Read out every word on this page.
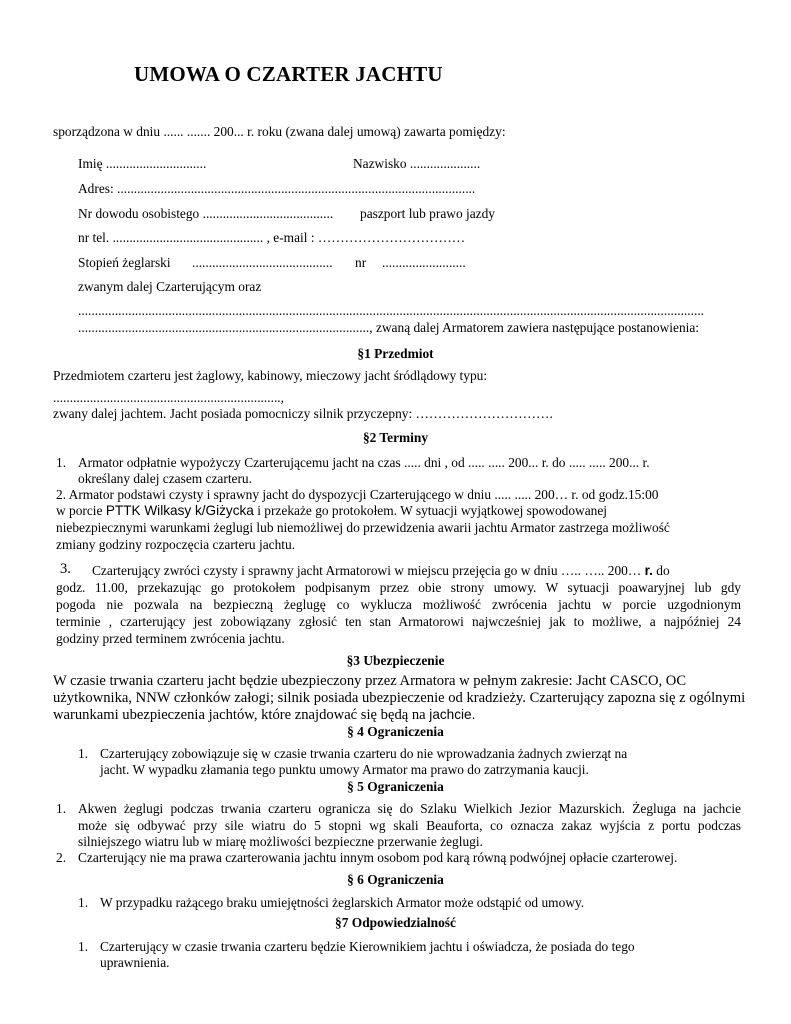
UMOWA O CZARTER JACHTU
sporządzona w dniu ...... ....... 200... r. roku (zwana dalej umową) zawarta pomiędzy:
Imię ..............................	Nazwisko .....................
Adres: ...........................................................................................................
Nr dowodu osobistego ....................................... paszport lub prawo jazdy
nr tel. ............................................. , e-mail : ……………………………
Stopień żeglarski .......................................... nr .........................
zwanym dalej Czarterującym oraz
...........................................................................................................................................................................................
......................................................................................., zwaną dalej Armatorem zawiera następujące postanowienia:
§1 Przedmiot
Przedmiotem czarteru jest żaglowy, kabinowy, mieczowy jacht śródlądowy typu:
....................................................................,
zwany dalej jachtem. Jacht posiada pomocniczy silnik przyczepny: ………………………….
§2 Terminy
1. Armator odpłatnie wypożyczy Czarterującemu jacht na czas ..... dni , od ..... ..... 200... r. do ..... ..... 200... r.
określany dalej czasem czarteru.
2. Armator podstawi czysty i sprawny jacht do dyspozycji Czarterującego w dniu ..... ..... 200… r. od godz.15:00
w porcie PTTK Wilkasy k/Giżycka i przekaże go protokołem. W sytuacji wyjątkowej spowodowanej
niebezpiecznymi warunkami żeglugi lub niemożliwej do przewidzenia awarii jachtu Armator zastrzega możliwość
zmiany godziny rozpoczęcia czarteru jachtu.
3. Czarterujący zwróci czysty i sprawny jacht Armatorowi w miejscu przejęcia go w dniu ….. ….. 200… r. do
godz. 11.00, przekazując go protokołem podpisanym przez obie strony umowy. W sytuacji poawaryjnej lub gdy
pogoda nie pozwala na bezpieczną żeglugę co wyklucza możliwość zwrócenia jachtu w porcie uzgodnionym
terminie , czarterujący jest zobowiązany zgłosić ten stan Armatorowi najwcześniej jak to możliwe, a najpóźniej 24
godziny przed terminem zwrócenia jachtu.
§3 Ubezpieczenie
W czasie trwania czarteru jacht będzie ubezpieczony przez Armatora w pełnym zakresie: Jacht CASCO, OC
użytkownika, NNW członków załogi; silnik posiada ubezpieczenie od kradzieży. Czarterujący zapozna się z ogólnymi
warunkami ubezpieczenia jachtów, które znajdować się będą na jachcie.
§ 4 Ograniczenia
1. Czarterujący zobowiązuje się w czasie trwania czarteru do nie wprowadzania żadnych zwierząt na
jacht. W wypadku złamania tego punktu umowy Armator ma prawo do zatrzymania kaucji.
§ 5 Ograniczenia
1. Akwen żeglugi podczas trwania czarteru ogranicza się do Szlaku Wielkich Jezior Mazurskich. Żegluga na jachcie
może się odbywać przy sile wiatru do 5 stopni wg skali Beauforta, co oznacza zakaz wyjścia z portu podczas
silniejszego wiatru lub w miarę możliwości bezpieczne przerwanie żeglugi.
2. Czarterujący nie ma prawa czarterowania jachtu innym osobom pod karą równą podwójnej opłacie czarterowej.
§ 6 Ograniczenia
1. W przypadku rażącego braku umiejętności żeglarskich Armator może odstąpić od umowy.
§7 Odpowiedzialność
1. Czarterujący w czasie trwania czarteru będzie Kierownikiem jachtu i oświadcza, że posiada do tego
uprawnienia.
